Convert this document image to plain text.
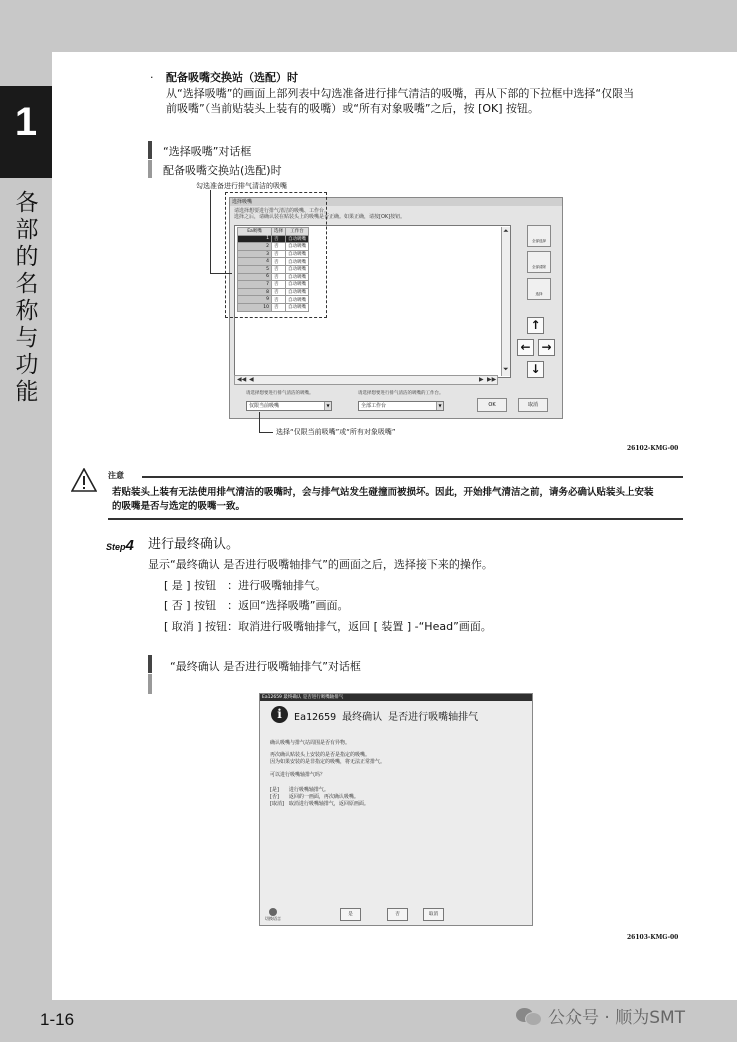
1
各
部
的
名
称
与
功
能
· 配备吸嘴交换站（选配）时
从“选择吸嘴”的画面上部列表中勾选准备进行排气清洁的吸嘴，再从下部的下拉框中选择“仅限当
前吸嘴”（当前贴装头上装有的吸嘴）或“所有对象吸嘴”之后，按 [OK] 按钮。
“选择吸嘴”对话框
配备吸嘴交换站(选配)时
勾选准备进行排气清洁的吸嘴
选择吸嘴
请选择想要进行排气清洁的吸嘴、工作台。
选择之后，请确认装在贴装头上的吸嘴是否正确。如果正确，请按[OK]按钮。
Ea吸嘴	选择	工作台
1	否	自动吸嘴
2	否	自动吸嘴
3	否	自动吸嘴
4	否	自动吸嘴
5	否	自动吸嘴
6	否	自动吸嘴
7	否	自动吸嘴
8	否	自动吸嘴
9	否	自动吸嘴
10	否	自动吸嘴
⏶
⏷
◀◀ ◀	▶ ▶▶
全部选择
全部清除
选择
↑
← →
↓
请选择想要进行排气清洁的吸嘴。	请选择想要进行排气清洁的吸嘴的工作台。
仅限当前吸嘴	▼	全部工作台	▼	OK	取消
选择“仅限当前吸嘴”或“所有对象吸嘴”
26102-KMG-00
注意
若贴装头上装有无法使用排气清洁的吸嘴时，会与排气站发生碰撞而被损坏。因此，开始排气清洁之前，请务必确认贴装头上安装
的吸嘴是否与选定的吸嘴一致。
Step4 进行最终确认。
显示“最终确认 是否进行吸嘴轴排气”的画面之后，选择接下来的操作。
[ 是 ] 按钮　：进行吸嘴轴排气。
[ 否 ] 按钮　：返回“选择吸嘴”画面。
[ 取消 ] 按钮：取消进行吸嘴轴排气，返回 [ 装置 ] -“Head”画面。
“最终确认 是否进行吸嘴轴排气”对话框
Ea12659 最终确认 是否进行吸嘴轴排气
i	Ea12659 最终确认 是否进行吸嘴轴排气
确认吸嘴与排气站周围是否有异物。
再次确认贴装头上安装的是否是指定的吸嘴。
因为如果安装的是非指定的吸嘴，将无法正常排气。
可以进行吸嘴轴排气吗？
[是]　　进行吸嘴轴排气。
[否]　　返回的一画面，再次确认吸嘴。
[取消]　取消进行吸嘴轴排气，返回原画面。
切换语言
是	否	取消
26103-KMG-00
1-16	公众号 · 顺为SMT
